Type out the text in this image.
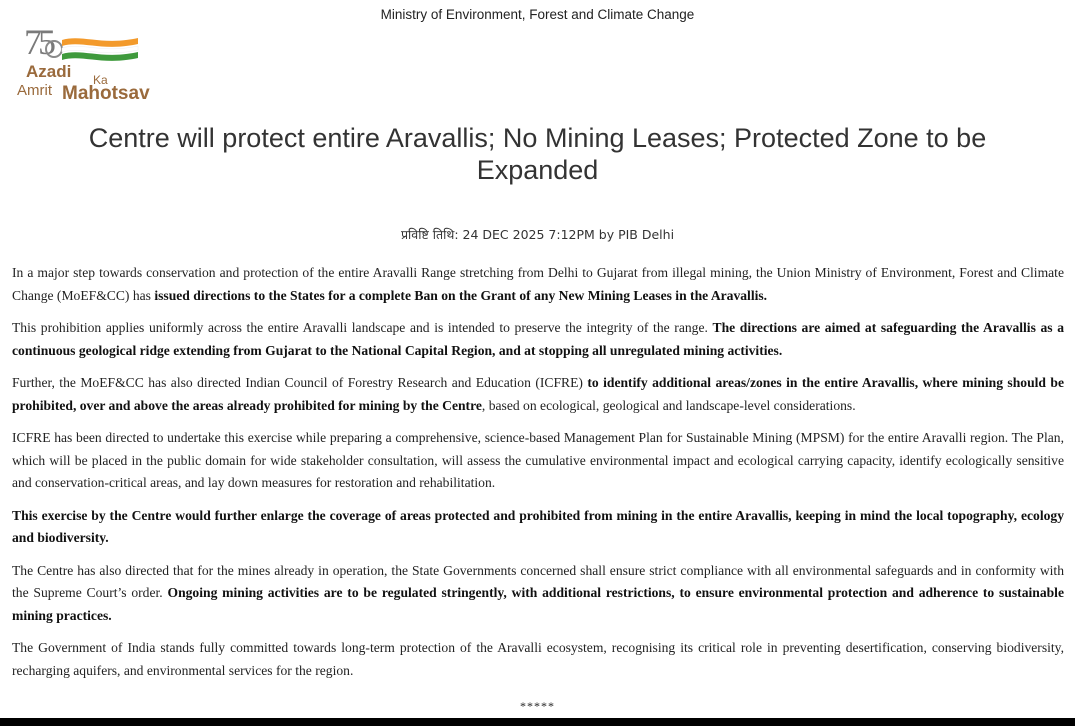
Ministry of Environment, Forest and Climate Change
75
Azadi Ka
Amrit Mahotsav
Centre will protect entire Aravallis; No Mining Leases; Protected Zone to be Expanded
प्रविष्टि तिथि: 24 DEC 2025 7:12PM by PIB Delhi

In a major step towards conservation and protection of the entire Aravalli Range stretching from Delhi to Gujarat from illegal mining, the Union Ministry of Environment, Forest and Climate Change (MoEF&CC) has issued directions to the States for a complete Ban on the Grant of any New Mining Leases in the Aravallis.

This prohibition applies uniformly across the entire Aravalli landscape and is intended to preserve the integrity of the range. The directions are aimed at safeguarding the Aravallis as a continuous geological ridge extending from Gujarat to the National Capital Region, and at stopping all unregulated mining activities.

Further, the MoEF&CC has also directed Indian Council of Forestry Research and Education (ICFRE) to identify additional areas/zones in the entire Aravallis, where mining should be prohibited, over and above the areas already prohibited for mining by the Centre, based on ecological, geological and landscape-level considerations.

ICFRE has been directed to undertake this exercise while preparing a comprehensive, science-based Management Plan for Sustainable Mining (MPSM) for the entire Aravalli region. The Plan, which will be placed in the public domain for wide stakeholder consultation, will assess the cumulative environmental impact and ecological carrying capacity, identify ecologically sensitive and conservation-critical areas, and lay down measures for restoration and rehabilitation.

This exercise by the Centre would further enlarge the coverage of areas protected and prohibited from mining in the entire Aravallis, keeping in mind the local topography, ecology and biodiversity.

The Centre has also directed that for the mines already in operation, the State Governments concerned shall ensure strict compliance with all environmental safeguards and in conformity with the Supreme Court’s order. Ongoing mining activities are to be regulated stringently, with additional restrictions, to ensure environmental protection and adherence to sustainable mining practices.

The Government of India stands fully committed towards long-term protection of the Aravalli ecosystem, recognising its critical role in preventing desertification, conserving biodiversity, recharging aquifers, and environmental services for the region.

*****
